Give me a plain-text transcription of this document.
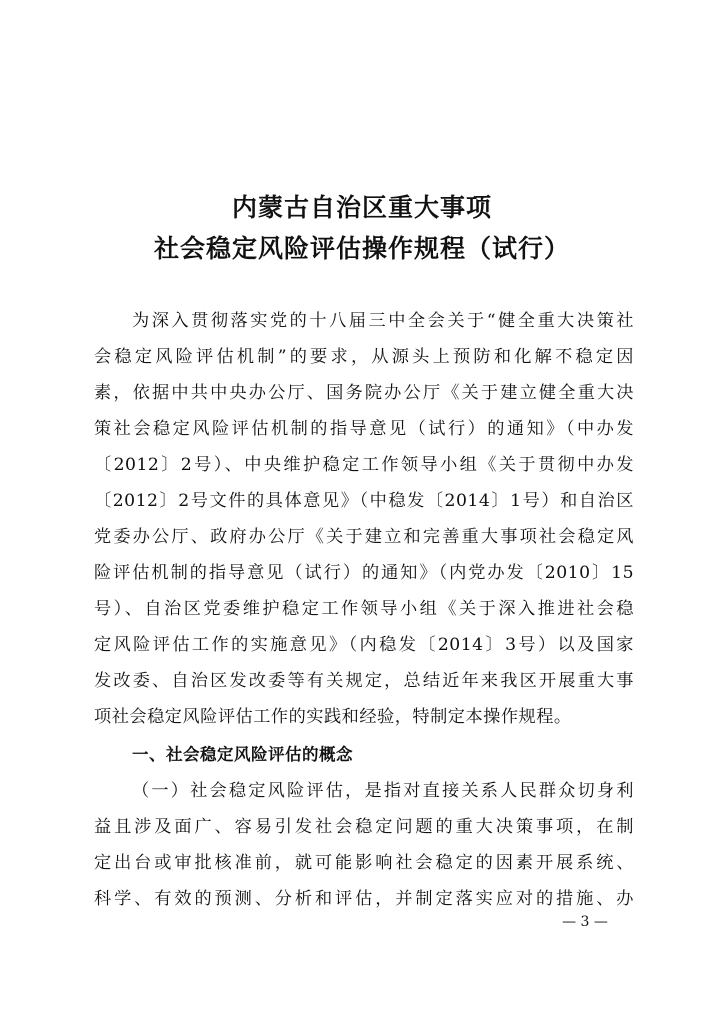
内蒙古自治区重大事项
社会稳定风险评估操作规程（试行）
为深入贯彻落实党的十八届三中全会关于“健全重大决策社
会稳定风险评估机制”的要求，从源头上预防和化解不稳定因
素，依据中共中央办公厅、国务院办公厅《关于建立健全重大决
策社会稳定风险评估机制的指导意见（试行）的通知》（中办发
〔2012〕2号）、中央维护稳定工作领导小组《关于贯彻中办发
〔2012〕2号文件的具体意见》（中稳发〔2014〕1号）和自治区
党委办公厅、政府办公厅《关于建立和完善重大事项社会稳定风
险评估机制的指导意见（试行）的通知》（内党办发〔2010〕15
号）、自治区党委维护稳定工作领导小组《关于深入推进社会稳
定风险评估工作的实施意见》（内稳发〔2014〕3号）以及国家
发改委、自治区发改委等有关规定，总结近年来我区开展重大事
项社会稳定风险评估工作的实践和经验，特制定本操作规程。
一、社会稳定风险评估的概念
（一）社会稳定风险评估，是指对直接关系人民群众切身利
益且涉及面广、容易引发社会稳定问题的重大决策事项，在制
定出台或审批核准前，就可能影响社会稳定的因素开展系统、
科学、有效的预测、分析和评估，并制定落实应对的措施、办
— 3 —
